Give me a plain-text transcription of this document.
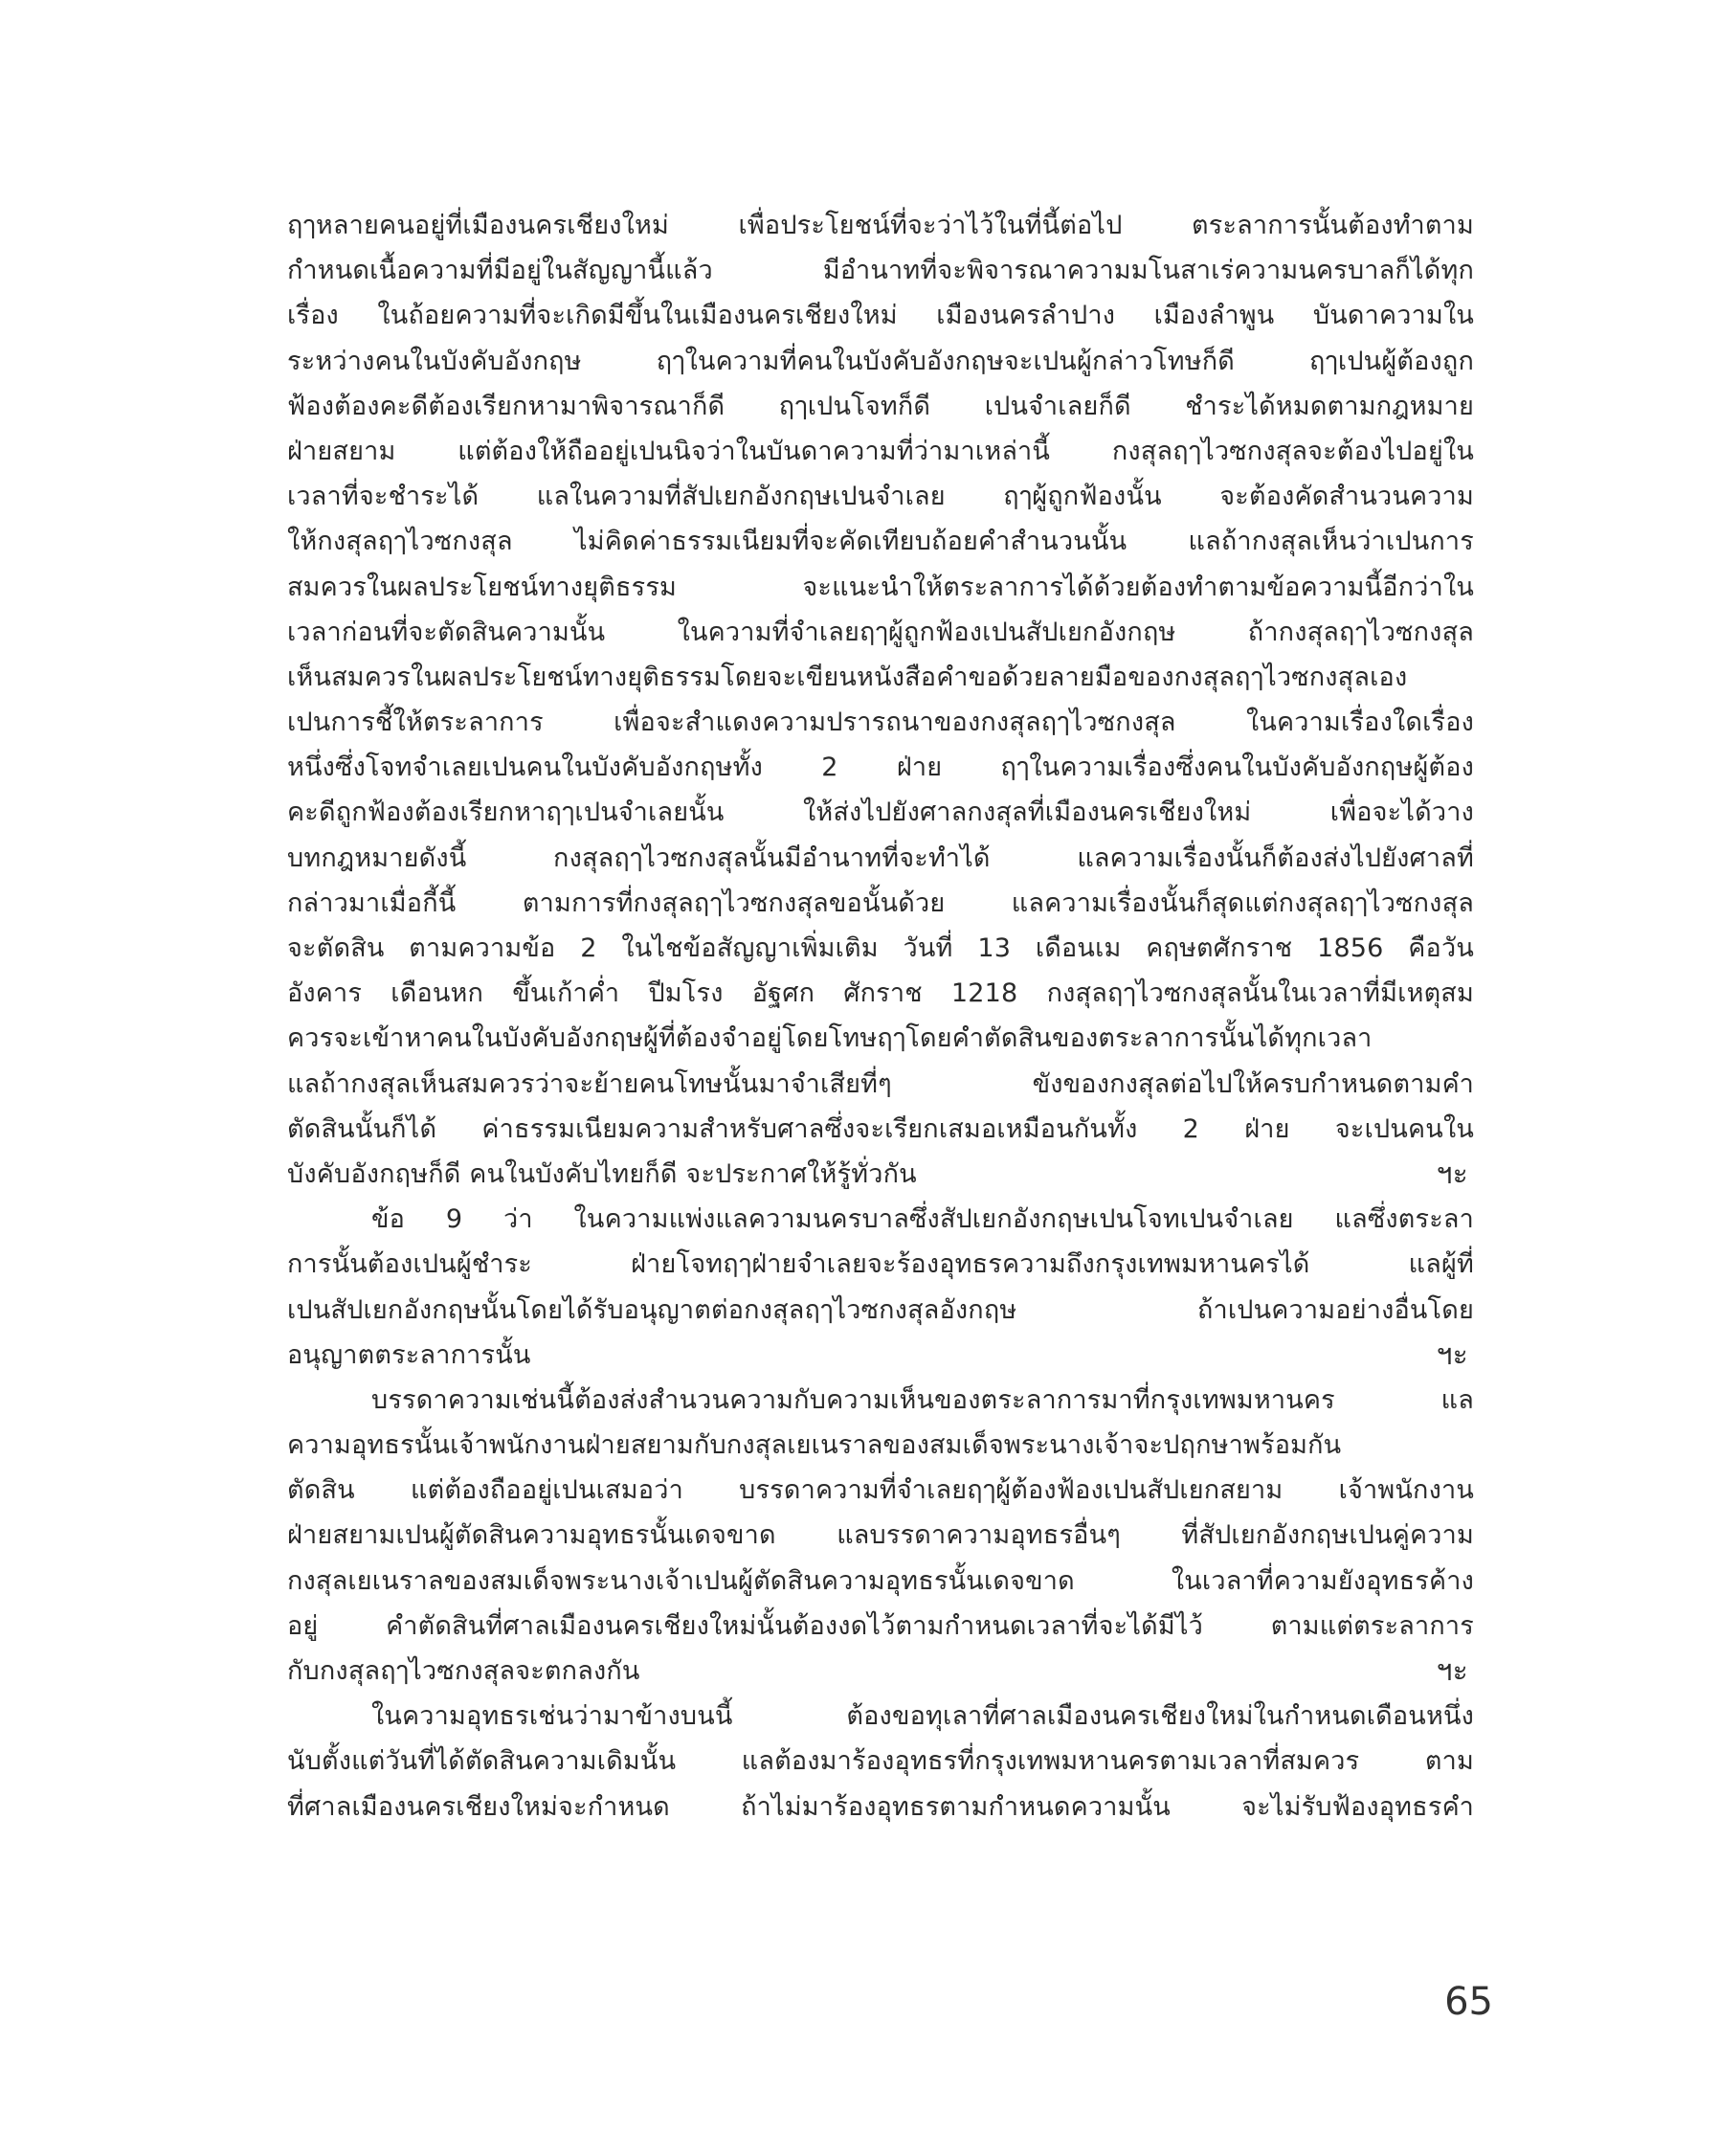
ฤๅหลายคนอยู่ที่เมืองนครเชียงใหม่ เพื่อประโยชน์ที่จะว่าไว้ในที่นี้ต่อไป ตระลาการนั้นต้องทำตาม
กำหนดเนื้อความที่มีอยู่ในสัญญานี้แล้ว มีอำนาทที่จะพิจารณาความมโนสาเร่ความนครบาลก็ได้ทุก
เรื่อง ในถ้อยความที่จะเกิดมีขึ้นในเมืองนครเชียงใหม่ เมืองนครลำปาง เมืองลำพูน บันดาความใน
ระหว่างคนในบังคับอังกฤษ ฤๅในความที่คนในบังคับอังกฤษจะเปนผู้กล่าวโทษก็ดี ฤๅเปนผู้ต้องถูก
ฟ้องต้องคะดีต้องเรียกหามาพิจารณาก็ดี ฤๅเปนโจทก็ดี เปนจำเลยก็ดี ชำระได้หมดตามกฎหมาย
ฝ่ายสยาม แต่ต้องให้ถืออยู่เปนนิจว่าในบันดาความที่ว่ามาเหล่านี้ กงสุลฤๅไวซกงสุลจะต้องไปอยู่ใน
เวลาที่จะชำระได้ แลในความที่สัปเยกอังกฤษเปนจำเลย ฤๅผู้ถูกฟ้องนั้น จะต้องคัดสำนวนความ
ให้กงสุลฤๅไวซกงสุล ไม่คิดค่าธรรมเนียมที่จะคัดเทียบถ้อยคำสำนวนนั้น แลถ้ากงสุลเห็นว่าเปนการ
สมควรในผลประโยชน์ทางยุติธรรม จะแนะนำให้ตระลาการได้ด้วยต้องทำตามข้อความนี้อีกว่าใน
เวลาก่อนที่จะตัดสินความนั้น ในความที่จำเลยฤๅผู้ถูกฟ้องเปนสัปเยกอังกฤษ ถ้ากงสุลฤๅไวซกงสุล
เห็นสมควรในผลประโยชน์ทางยุติธรรมโดยจะเขียนหนังสือคำขอด้วยลายมือของกงสุลฤๅไวซกงสุลเอง
เปนการชี้ให้ตระลาการ เพื่อจะสำแดงความปรารถนาของกงสุลฤๅไวซกงสุล ในความเรื่องใดเรื่อง
หนึ่งซึ่งโจทจำเลยเปนคนในบังคับอังกฤษทั้ง 2 ฝ่าย ฤๅในความเรื่องซึ่งคนในบังคับอังกฤษผู้ต้อง
คะดีถูกฟ้องต้องเรียกหาฤๅเปนจำเลยนั้น ให้ส่งไปยังศาลกงสุลที่เมืองนครเชียงใหม่ เพื่อจะได้วาง
บทกฎหมายดังนี้ กงสุลฤๅไวซกงสุลนั้นมีอำนาทที่จะทำได้ แลความเรื่องนั้นก็ต้องส่งไปยังศาลที่
กล่าวมาเมื่อกี้นี้ ตามการที่กงสุลฤๅไวซกงสุลขอนั้นด้วย แลความเรื่องนั้นก็สุดแต่กงสุลฤๅไวซกงสุล
จะตัดสิน ตามความข้อ 2 ในไชข้อสัญญาเพิ่มเติม วันที่ 13 เดือนเม คฤษตศักราช 1856 คือวัน
อังคาร เดือนหก ขึ้นเก้าค่ำ ปีมโรง อัฐศก ศักราช 1218 กงสุลฤๅไวซกงสุลนั้นในเวลาที่มีเหตุสม
ควรจะเข้าหาคนในบังคับอังกฤษผู้ที่ต้องจำอยู่โดยโทษฤๅโดยคำตัดสินของตระลาการนั้นได้ทุกเวลา
แลถ้ากงสุลเห็นสมควรว่าจะย้ายคนโทษนั้นมาจำเสียที่ๆ ขังของกงสุลต่อไปให้ครบกำหนดตามคำ
ตัดสินนั้นก็ได้ ค่าธรรมเนียมความสำหรับศาลซึ่งจะเรียกเสมอเหมือนกันทั้ง 2 ฝ่าย จะเปนคนใน
บังคับอังกฤษก็ดี คนในบังคับไทยก็ดี จะประกาศให้รู้ทั่วกัน	ฯะ
ข้อ 9 ว่า ในความแพ่งแลความนครบาลซึ่งสัปเยกอังกฤษเปนโจทเปนจำเลย แลซึ่งตระลา
การนั้นต้องเปนผู้ชำระ ฝ่ายโจทฤๅฝ่ายจำเลยจะร้องอุทธรความถึงกรุงเทพมหานครได้ แลผู้ที่
เปนสัปเยกอังกฤษนั้นโดยได้รับอนุญาตต่อกงสุลฤๅไวซกงสุลอังกฤษ ถ้าเปนความอย่างอื่นโดย
อนุญาตตระลาการนั้น	ฯะ
บรรดาความเช่นนี้ต้องส่งสำนวนความกับความเห็นของตระลาการมาที่กรุงเทพมหานคร แล
ความอุทธรนั้นเจ้าพนักงานฝ่ายสยามกับกงสุลเยเนราลของสมเด็จพระนางเจ้าจะปฤกษาพร้อมกัน
ตัดสิน แต่ต้องถืออยู่เปนเสมอว่า บรรดาความที่จำเลยฤๅผู้ต้องฟ้องเปนสัปเยกสยาม เจ้าพนักงาน
ฝ่ายสยามเปนผู้ตัดสินความอุทธรนั้นเดจขาด แลบรรดาความอุทธรอื่นๆ ที่สัปเยกอังกฤษเปนคู่ความ
กงสุลเยเนราลของสมเด็จพระนางเจ้าเปนผู้ตัดสินความอุทธรนั้นเดจขาด ในเวลาที่ความยังอุทธรค้าง
อยู่ คำตัดสินที่ศาลเมืองนครเชียงใหม่นั้นต้องงดไว้ตามกำหนดเวลาที่จะได้มีไว้ ตามแต่ตระลาการ
กับกงสุลฤๅไวซกงสุลจะตกลงกัน	ฯะ
ในความอุทธรเช่นว่ามาข้างบนนี้ ต้องขอทุเลาที่ศาลเมืองนครเชียงใหม่ในกำหนดเดือนหนึ่ง
นับตั้งแต่วันที่ได้ตัดสินความเดิมนั้น แลต้องมาร้องอุทธรที่กรุงเทพมหานครตามเวลาที่สมควร ตาม
ที่ศาลเมืองนครเชียงใหม่จะกำหนด ถ้าไม่มาร้องอุทธรตามกำหนดความนั้น จะไม่รับฟ้องอุทธรคำ
65
